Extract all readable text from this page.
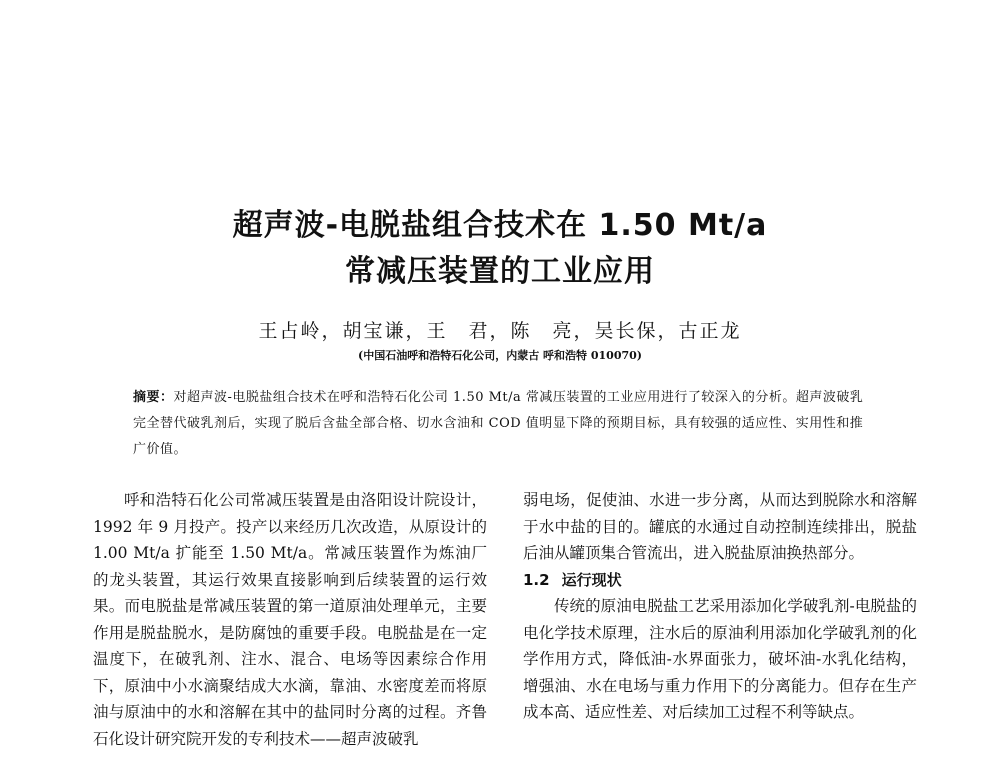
超声波-电脱盐组合技术在 1.50 Mt/a
常减压装置的工业应用
王占岭，胡宝谦，王　君，陈　亮，吴长保，古正龙
(中国石油呼和浩特石化公司，内蒙古 呼和浩特 010070)
摘要：对超声波-电脱盐组合技术在呼和浩特石化公司 1.50 Mt/a 常减压装置的工业应用进行了较深入的分析。超声波破乳完全替代破乳剂后，实现了脱后含盐全部合格、切水含油和 COD 值明显下降的预期目标，具有较强的适应性、实用性和推广价值。

呼和浩特石化公司常减压装置是由洛阳设计院设计，1992 年 9 月投产。投产以来经历几次改造，从原设计的 1.00 Mt/a 扩能至 1.50 Mt/a。常减压装置作为炼油厂的龙头装置，其运行效果直接影响到后续装置的运行效果。而电脱盐是常减压装置的第一道原油处理单元，主要作用是脱盐脱水，是防腐蚀的重要手段。电脱盐是在一定温度下，在破乳剂、注水、混合、电场等因素综合作用下，原油中小水滴聚结成大水滴，靠油、水密度差而将原油与原油中的水和溶解在其中的盐同时分离的过程。齐鲁石化设计研究院开发的专利技术——超声波破乳

弱电场，促使油、水进一步分离，从而达到脱除水和溶解于水中盐的目的。罐底的水通过自动控制连续排出，脱盐后油从罐顶集合管流出，进入脱盐原油换热部分。

1.2 运行现状

传统的原油电脱盐工艺采用添加化学破乳剂-电脱盐的电化学技术原理，注水后的原油利用添加化学破乳剂的化学作用方式，降低油-水界面张力，破坏油-水乳化结构，增强油、水在电场与重力作用下的分离能力。但存在生产成本高、适应性差、对后续加工过程不利等缺点。
